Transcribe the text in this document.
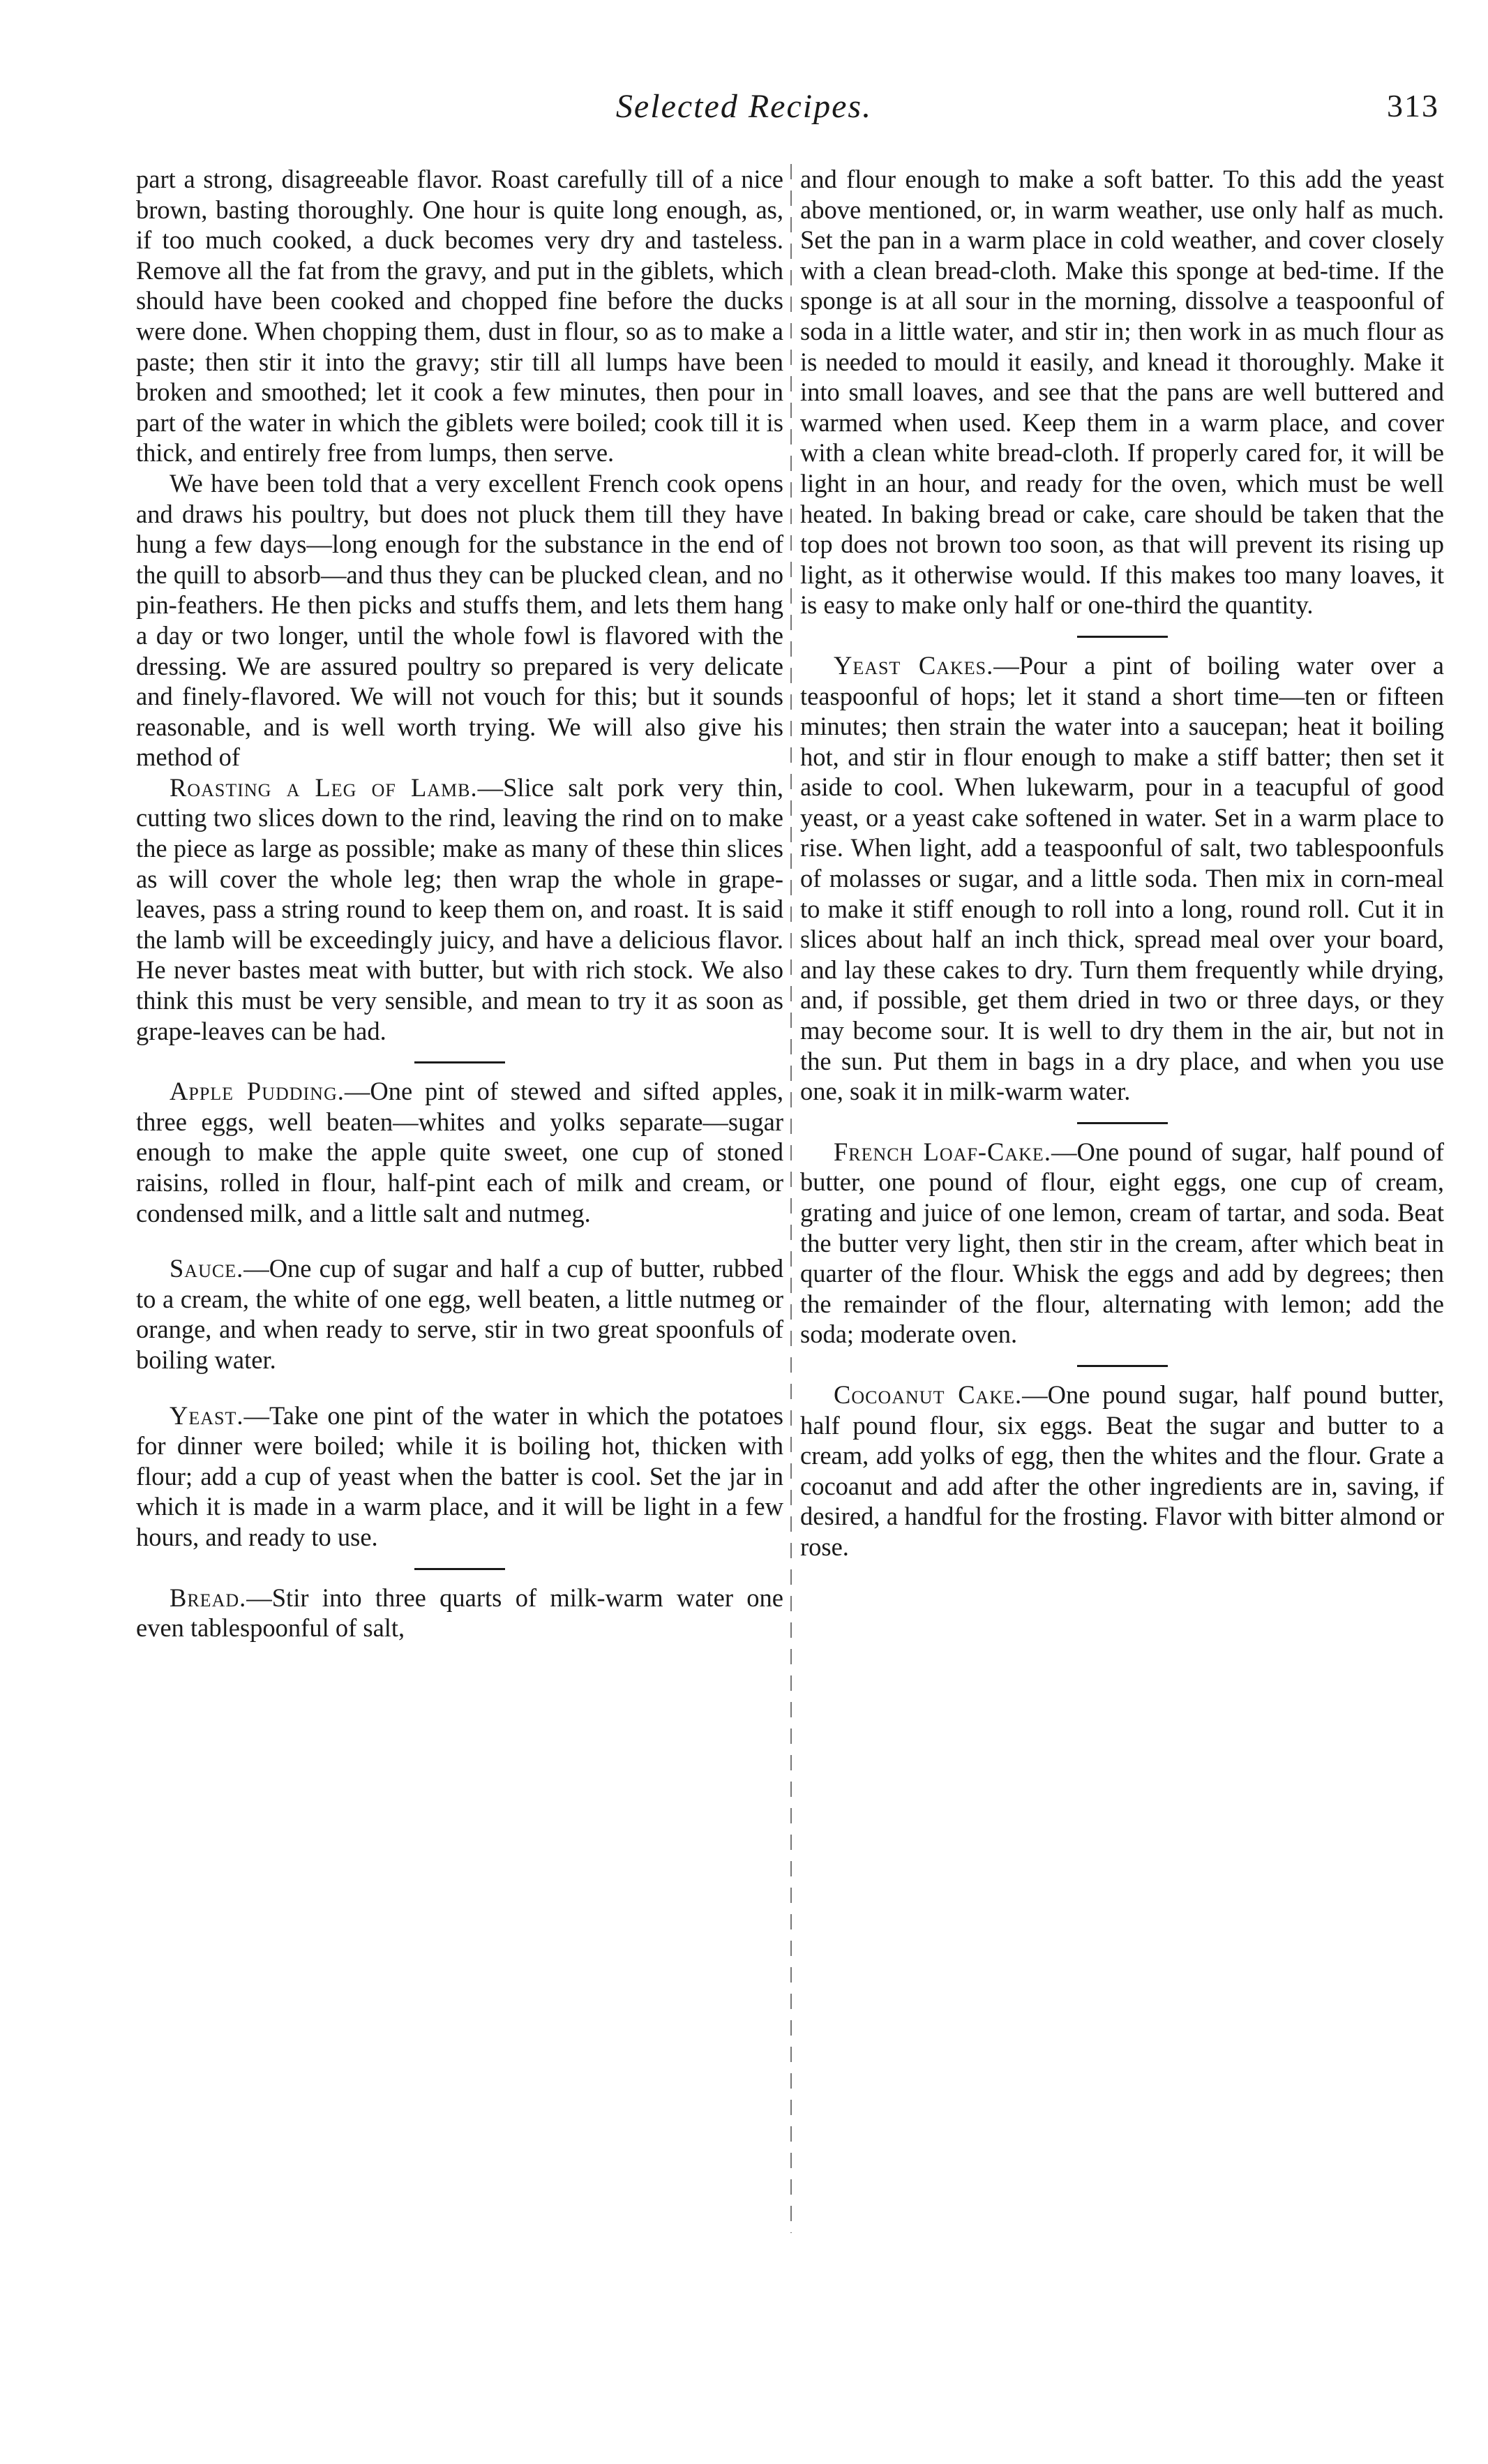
Selected Recipes.	313

part a strong, disagreeable flavor. Roast carefully till of a nice brown, basting thoroughly. One hour is quite long enough, as, if too much cooked, a duck becomes very dry and tasteless. Remove all the fat from the gravy, and put in the giblets, which should have been cooked and chopped fine before the ducks were done. When chopping them, dust in flour, so as to make a paste; then stir it into the gravy; stir till all lumps have been broken and smoothed; let it cook a few minutes, then pour in part of the water in which the giblets were boiled; cook till it is thick, and entirely free from lumps, then serve.

We have been told that a very excellent French cook opens and draws his poultry, but does not pluck them till they have hung a few days—long enough for the substance in the end of the quill to absorb—and thus they can be plucked clean, and no pin-feathers. He then picks and stuffs them, and lets them hang a day or two longer, until the whole fowl is flavored with the dressing. We are assured poultry so prepared is very delicate and finely-flavored. We will not vouch for this; but it sounds reasonable, and is well worth trying. We will also give his method of

Roasting a Leg of Lamb.—Slice salt pork very thin, cutting two slices down to the rind, leaving the rind on to make the piece as large as possible; make as many of these thin slices as will cover the whole leg; then wrap the whole in grape-leaves, pass a string round to keep them on, and roast. It is said the lamb will be exceedingly juicy, and have a delicious flavor. He never bastes meat with butter, but with rich stock. We also think this must be very sensible, and mean to try it as soon as grape-leaves can be had.

Apple Pudding.—One pint of stewed and sifted apples, three eggs, well beaten—whites and yolks separate—sugar enough to make the apple quite sweet, one cup of stoned raisins, rolled in flour, half-pint each of milk and cream, or condensed milk, and a little salt and nutmeg.

Sauce.—One cup of sugar and half a cup of butter, rubbed to a cream, the white of one egg, well beaten, a little nutmeg or orange, and when ready to serve, stir in two great spoonfuls of boiling water.

Yeast.—Take one pint of the water in which the potatoes for dinner were boiled; while it is boiling hot, thicken with flour; add a cup of yeast when the batter is cool. Set the jar in which it is made in a warm place, and it will be light in a few hours, and ready to use.

Bread.—Stir into three quarts of milk-warm water one even tablespoonful of salt,

and flour enough to make a soft batter. To this add the yeast above mentioned, or, in warm weather, use only half as much. Set the pan in a warm place in cold weather, and cover closely with a clean bread-cloth. Make this sponge at bed-time. If the sponge is at all sour in the morning, dissolve a teaspoonful of soda in a little water, and stir in; then work in as much flour as is needed to mould it easily, and knead it thoroughly. Make it into small loaves, and see that the pans are well buttered and warmed when used. Keep them in a warm place, and cover with a clean white bread-cloth. If properly cared for, it will be light in an hour, and ready for the oven, which must be well heated. In baking bread or cake, care should be taken that the top does not brown too soon, as that will prevent its rising up light, as it otherwise would. If this makes too many loaves, it is easy to make only half or one-third the quantity.

Yeast Cakes.—Pour a pint of boiling water over a teaspoonful of hops; let it stand a short time—ten or fifteen minutes; then strain the water into a saucepan; heat it boiling hot, and stir in flour enough to make a stiff batter; then set it aside to cool. When lukewarm, pour in a teacupful of good yeast, or a yeast cake softened in water. Set in a warm place to rise. When light, add a teaspoonful of salt, two tablespoonfuls of molasses or sugar, and a little soda. Then mix in corn-meal to make it stiff enough to roll into a long, round roll. Cut it in slices about half an inch thick, spread meal over your board, and lay these cakes to dry. Turn them frequently while drying, and, if possible, get them dried in two or three days, or they may become sour. It is well to dry them in the air, but not in the sun. Put them in bags in a dry place, and when you use one, soak it in milk-warm water.

French Loaf-Cake.—One pound of sugar, half pound of butter, one pound of flour, eight eggs, one cup of cream, grating and juice of one lemon, cream of tartar, and soda. Beat the butter very light, then stir in the cream, after which beat in quarter of the flour. Whisk the eggs and add by degrees; then the remainder of the flour, alternating with lemon; add the soda; moderate oven.

Cocoanut Cake.—One pound sugar, half pound butter, half pound flour, six eggs. Beat the sugar and butter to a cream, add yolks of egg, then the whites and the flour. Grate a cocoanut and add after the other ingredients are in, saving, if desired, a handful for the frosting. Flavor with bitter almond or rose.
